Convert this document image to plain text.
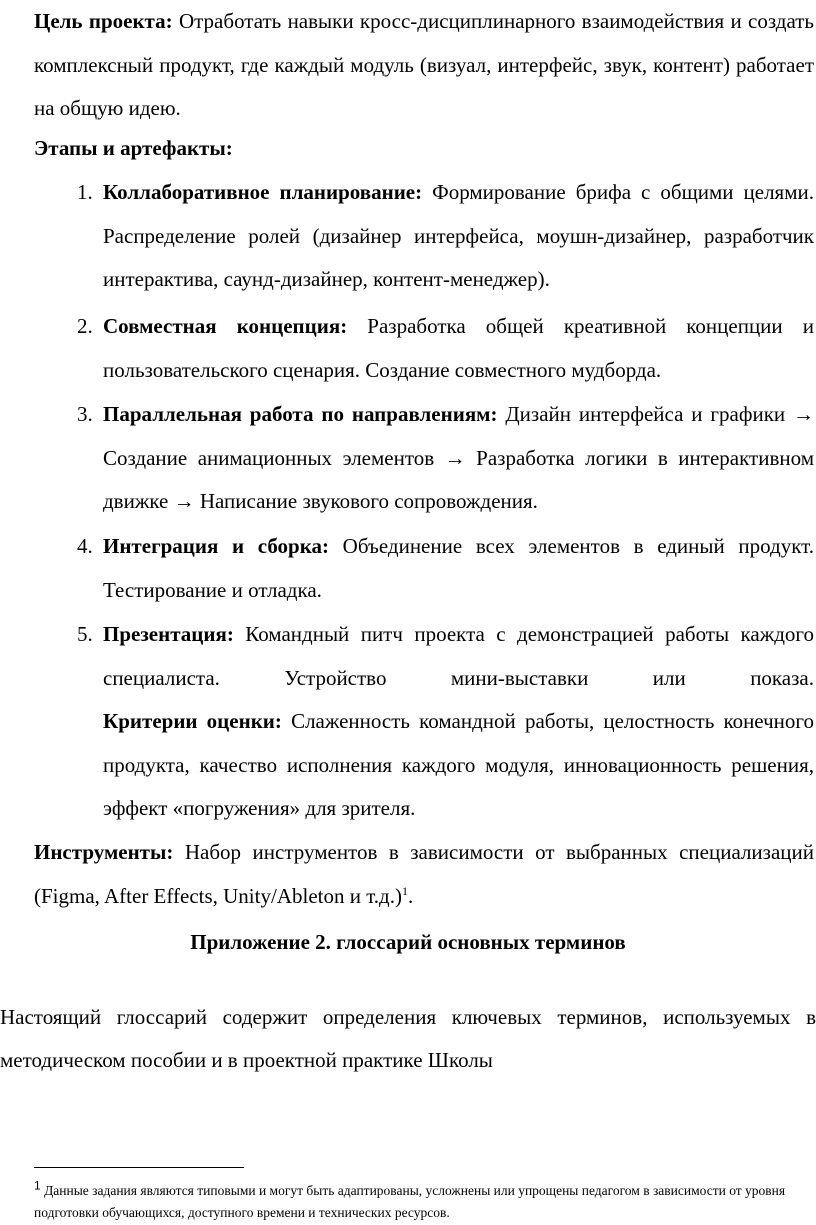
Цель проекта: Отработать навыки кросс-дисциплинарного взаимодействия и создать комплексный продукт, где каждый модуль (визуал, интерфейс, звук, контент) работает на общую идею.

Этапы и артефакты:

1. Коллаборативное планирование: Формирование брифа с общими целями. Распределение ролей (дизайнер интерфейса, моушн-дизайнер, разработчик интерактива, саунд-дизайнер, контент-менеджер).

2. Совместная концепция: Разработка общей креативной концепции и пользовательского сценария. Создание совместного мудборда.

3. Параллельная работа по направлениям: Дизайн интерфейса и графики → Создание анимационных элементов → Разработка логики в интерактивном движке → Написание звукового сопровождения.

4. Интеграция и сборка: Объединение всех элементов в единый продукт. Тестирование и отладка.

5. Презентация: Командный питч проекта с демонстрацией работы каждого специалиста. Устройство мини-выставки или показа.

Критерии оценки: Слаженность командной работы, целостность конечного продукта, качество исполнения каждого модуля, инновационность решения, эффект «погружения» для зрителя.

Инструменты: Набор инструментов в зависимости от выбранных специализаций (Figma, After Effects, Unity/Ableton и т.д.)$^1$.

Приложение 2. глоссарий основных терминов

Настоящий глоссарий содержит определения ключевых терминов, используемых в методическом пособии и в проектной практике Школы

$^1$ Данные задания являются типовыми и могут быть адаптированы, усложнены или упрощены педагогом в зависимости от уровня подготовки обучающихся, доступного времени и технических ресурсов.
